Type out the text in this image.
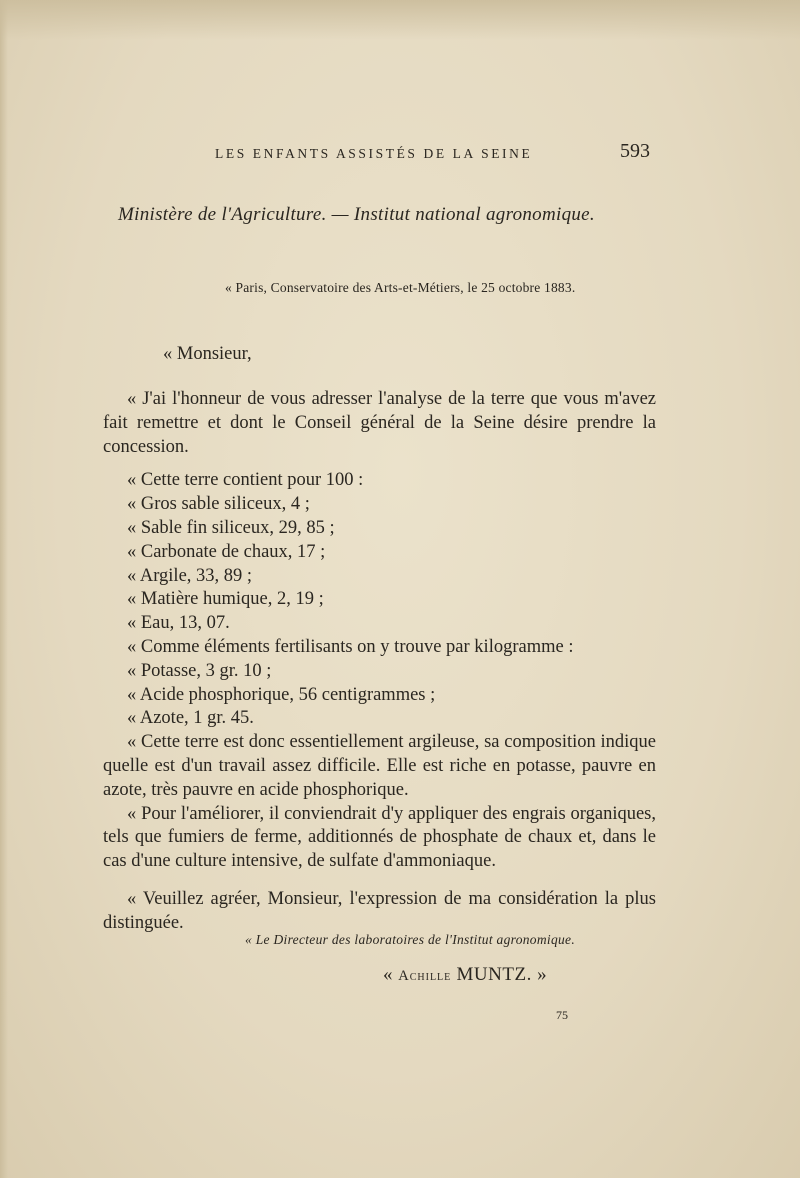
LES ENFANTS ASSISTÉS DE LA SEINE	593
Ministère de l'Agriculture. — Institut national agronomique.
« Paris, Conservatoire des Arts-et-Métiers, le 25 octobre 1883.
« Monsieur,

« J'ai l'honneur de vous adresser l'analyse de la terre que vous m'avez fait remettre et dont le Conseil général de la Seine désire prendre la concession.

« Cette terre contient pour 100 :

« Gros sable siliceux, 4 ;

« Sable fin siliceux, 29, 85 ;

« Carbonate de chaux, 17 ;

« Argile, 33, 89 ;

« Matière humique, 2, 19 ;

« Eau, 13, 07.

« Comme éléments fertilisants on y trouve par kilogramme :

« Potasse, 3 gr. 10 ;

« Acide phosphorique, 56 centigrammes ;

« Azote, 1 gr. 45.

« Cette terre est donc essentiellement argileuse, sa composition indique quelle est d'un travail assez difficile. Elle est riche en potasse, pauvre en azote, très pauvre en acide phosphorique.

« Pour l'améliorer, il conviendrait d'y appliquer des engrais organiques, tels que fumiers de ferme, additionnés de phosphate de chaux et, dans le cas d'une culture intensive, de sulfate d'ammoniaque.

« Veuillez agréer, Monsieur, l'expression de ma considération la plus distinguée.

« Le Directeur des laboratoires de l'Institut agronomique.
« Achille MUNTZ. »
75
